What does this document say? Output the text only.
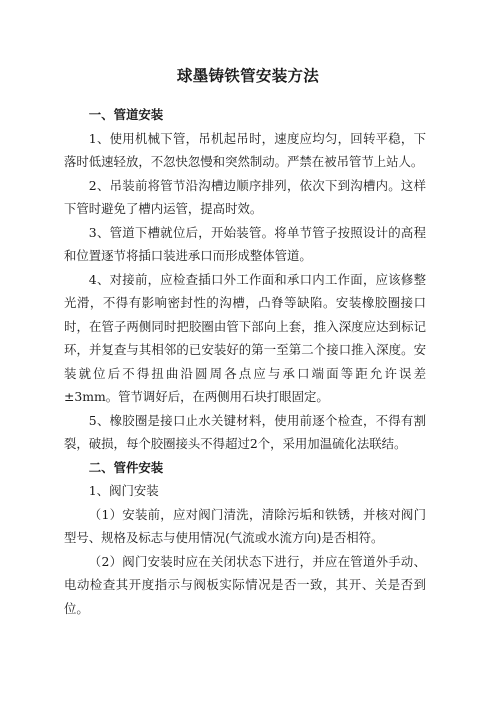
球墨铸铁管安装方法

一、管道安装

1、使用机械下管，吊机起吊时，速度应均匀，回转平稳，下落时低速轻放，不忽快忽慢和突然制动。严禁在被吊管节上站人。

2、吊装前将管节沿沟槽边顺序排列，依次下到沟槽内。这样下管时避免了槽内运管，提高时效。

3、管道下槽就位后，开始装管。将单节管子按照设计的高程和位置逐节将插口装进承口而形成整体管道。

4、对接前，应检查插口外工作面和承口内工作面，应该修整光滑，不得有影响密封性的沟槽，凸脊等缺陷。安装橡胶圈接口时，在管子两侧同时把胶圈由管下部向上套，推入深度应达到标记环，并复查与其相邻的已安装好的第一至第二个接口推入深度。安装就位后不得扭曲沿圆周各点应与承口端面等距允许误差±3mm。管节调好后，在两侧用石块打眼固定。

5、橡胶圈是接口止水关键材料，使用前逐个检查，不得有割裂，破损，每个胶圈接头不得超过2个，采用加温硫化法联结。

二、管件安装

1、阀门安装

（1）安装前，应对阀门清洗，清除污垢和铁锈，并核对阀门型号、规格及标志与使用情况(气流或水流方向)是否相符。

（2）阀门安装时应在关闭状态下进行，并应在管道外手动、电动检查其开度指示与阀板实际情况是否一致，其开、关是否到位。
